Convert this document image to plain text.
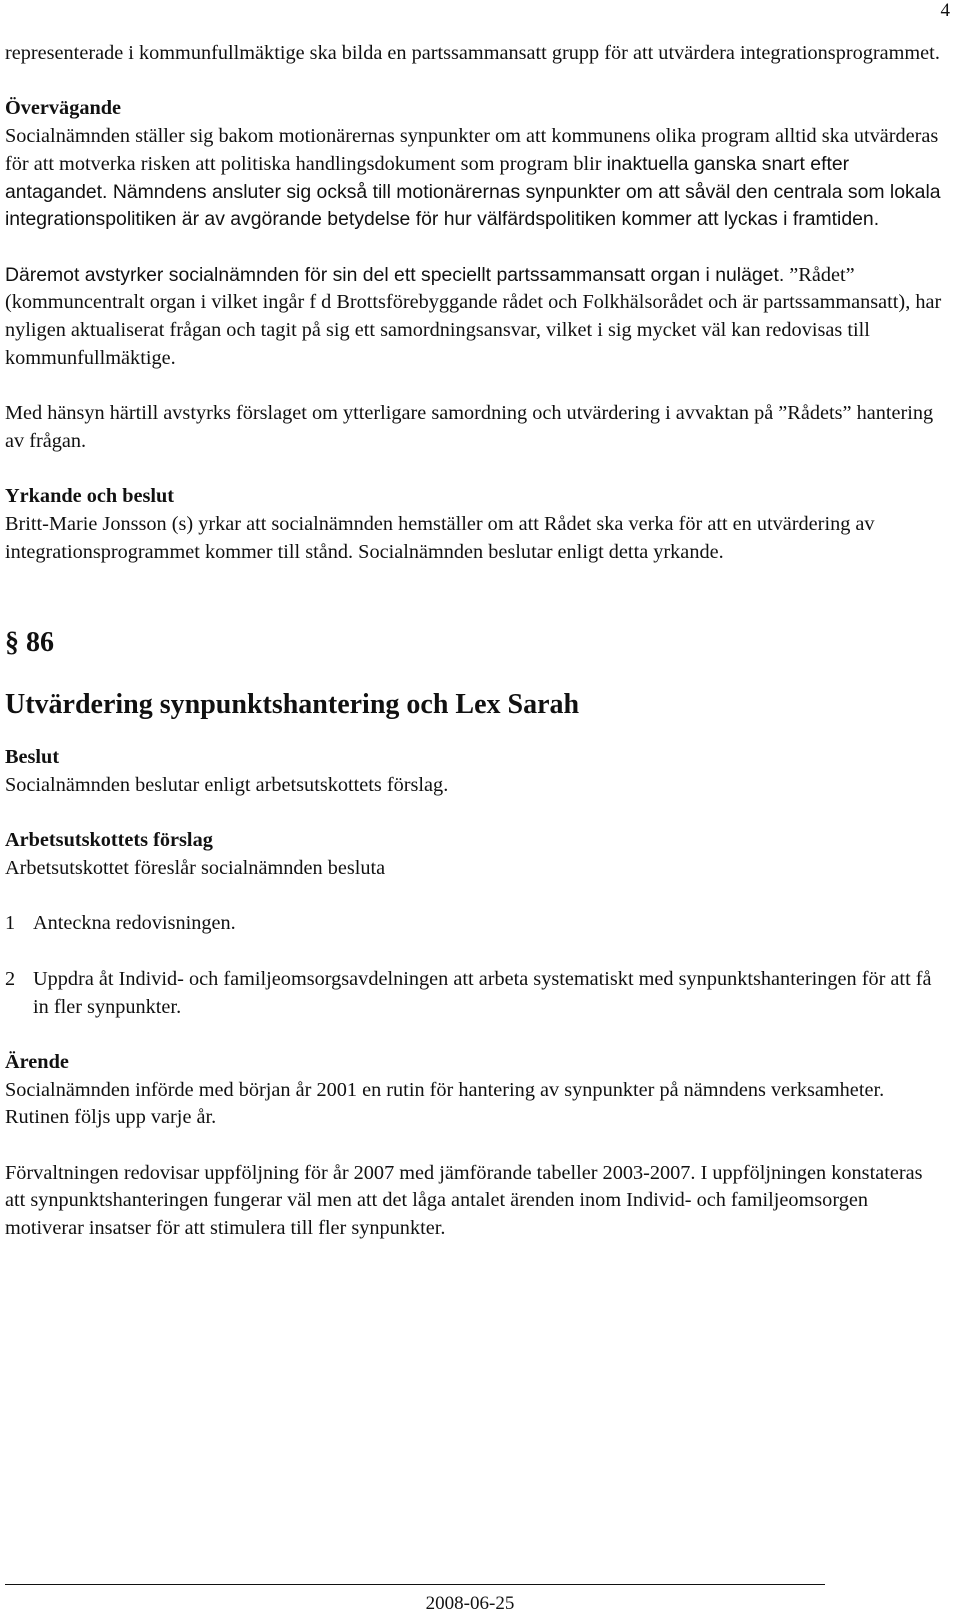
4

representerade i kommunfullmäktige ska bilda en partssammansatt grupp för att utvärdera integrationsprogrammet.

Övervägande

Socialnämnden ställer sig bakom motionärernas synpunkter om att kommunens olika program alltid ska utvärderas för att motverka risken att politiska handlingsdokument som program blir inaktuella ganska snart efter antagandet. Nämndens ansluter sig också till motionärernas synpunkter om att såväl den centrala som lokala integrationspolitiken är av avgörande betydelse för hur välfärdspolitiken kommer att lyckas i framtiden.

Däremot avstyrker socialnämnden för sin del ett speciellt partssammansatt organ i nuläget. ”Rådet” (kommuncentralt organ i vilket ingår f d Brottsförebyggande rådet och Folkhälsorådet och är partssammansatt), har nyligen aktualiserat frågan och tagit på sig ett samordningsansvar, vilket i sig mycket väl kan redovisas till kommunfullmäktige.

Med hänsyn härtill avstyrks förslaget om ytterligare samordning och utvärdering i avvaktan på ”Rådets” hantering av frågan.

Yrkande och beslut

Britt-Marie Jonsson (s) yrkar att socialnämnden hemställer om att Rådet ska verka för att en utvärdering av integrationsprogrammet kommer till stånd. Socialnämnden beslutar enligt detta yrkande.

§ 86

Utvärdering synpunktshantering och Lex Sarah

Beslut

Socialnämnden beslutar enligt arbetsutskottets förslag.

Arbetsutskottets förslag

Arbetsutskottet föreslår socialnämnden besluta

1 Anteckna redovisningen.
2 Uppdra åt Individ- och familjeomsorgsavdelningen att arbeta systematiskt med synpunktshanteringen för att få in fler synpunkter.

Ärende

Socialnämnden införde med början år 2001 en rutin för hantering av synpunkter på nämndens verksamheter. Rutinen följs upp varje år.

Förvaltningen redovisar uppföljning för år 2007 med jämförande tabeller 2003-2007. I uppföljningen konstateras att synpunktshanteringen fungerar väl men att det låga antalet ärenden inom Individ- och familjeomsorgen motiverar insatser för att stimulera till fler synpunkter.

2008-06-25
